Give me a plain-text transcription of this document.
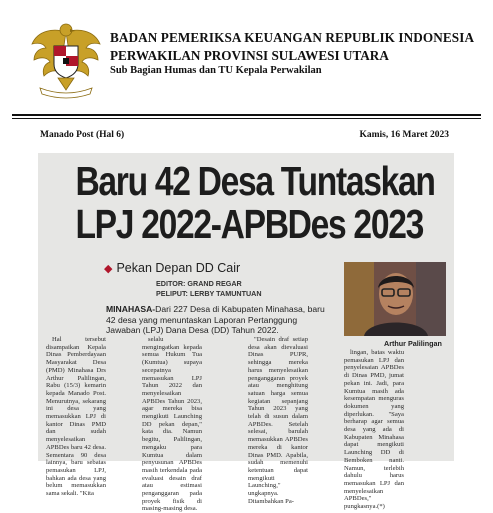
BADAN PEMERIKSA KEUANGAN REPUBLIK INDONESIA
PERWAKILAN PROVINSI SULAWESI UTARA
Sub Bagian Humas dan TU Kepala Perwakilan
Manado Post (Hal 6)	Kamis, 16 Maret 2023
Baru 42 Desa Tuntaskan
LPJ 2022-APBDes 2023
◆ Pekan Depan DD Cair
EDITOR: GRAND REGAR
PELIPUT: LERBY TAMUNTUAN
MINAHASA-Dari 227 Desa di Kabupaten Minahasa, baru 42 desa yang menuntaskan Laporan Pertanggung Jawaban (LPJ) Dana Desa (DD) Tahun 2022.
Arthur Palilingan

Hal tersebut disampaikan Kepala Dinas Pemberdayaan Masyarakat Desa (PMD) Minahasa Drs Arthur Palilingan, Rabu (15/3) kemarin kepada Manado Post. Menurutnya, sekarang ini desa yang memasukkan LPJ di kantor Dinas PMD dan sudah menyelesaikan APBDes baru 42 desa. Sementara 90 desa lainnya, baru sebatas pemasukan LPJ, bahkan ada desa yang belum memasukkan sama sekali. "Kita

selalu mengingatkan kepada semua Hukum Tua (Kumtua) supaya secepatnya memasukan LPJ Tahun 2022 dan menyelesaikan APBDes Tahun 2023, agar mereka bisa mengikuti Launching DD pekan depan," kata dia. Namun begitu, Palilingan, mengaku para Kumtua dalam penyusunan APBDes masih terkendala pada evaluasi desain draf atau estimasi penganggaran pada proyek fisik di masing-masing desa.

"Desain draf setiap desa akan dievaluasi Dinas PUPR, sehingga mereka harus menyelesaikan penganggaran proyek atau menghitung satuan harga semua kegiatan sepanjang Tahun 2023 yang telah di susun dalam APBDes. Setelah selesai, barulah memasukkan APBDes mereka di kantor Dinas PMD. Apabila, sudah memenuhi ketentuan dapat mengikuti Launching," ungkapnya. Ditambahkan Pa-

lingan, batas waktu pemasukan LPJ dan penyelesaian APBDes di Dinas PMD, jumat pekan ini. Jadi, para Kumtua masih ada kesempatan menguras dokumen yang diperlukan. "Saya berharap agar semua desa yang ada di Kabupaten Minahasa dapat mengikuti Launching DD di Bemboken nanti. Namun, terlebih dahulu harus memasukan LPJ dan menyelesaikan APBDes," pungkasnya.(*)
